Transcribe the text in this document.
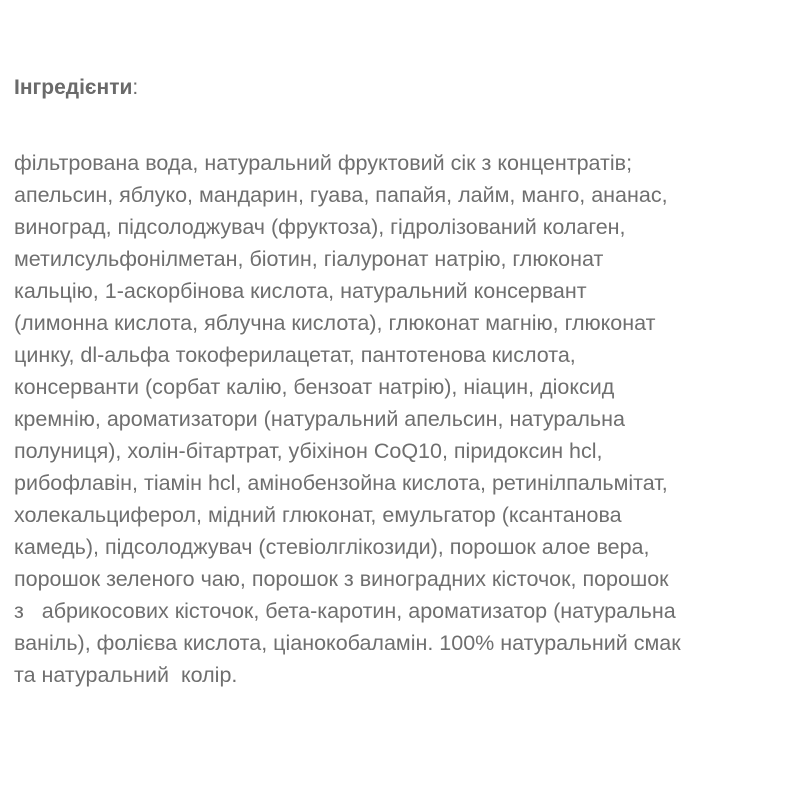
Інгредієнти:
фільтрована вода, натуральний фруктовий сік з концентратів;
апельсин, яблуко, мандарин, гуава, папайя, лайм, манго, ананас,
виноград, підсолоджувач (фруктоза), гідролізований колаген,
метилсульфонілметан, біотин, гіалуронат натрію, глюконат
кальцію, 1-аскорбінова кислота, натуральний консервант
(лимонна кислота, яблучна кислота), глюконат магнію, глюконат
цинку, dl-альфа токоферилацетат, пантотенова кислота,
консерванти (сорбат калію, бензоат натрію), ніацин, діоксид
кремнію, ароматизатори (натуральний апельсин, натуральна
полуниця), холін-бітартрат, убіхінон CoQ10, піридоксин hcl,
рибофлавін, тіамін hcl, амінобензойна кислота, ретинілпальмітат,
холекальциферол, мідний глюконат, емульгатор (ксантанова
камедь), підсолоджувач (стевіолглікозиди), порошок алое вера,
порошок зеленого чаю, порошок з виноградних кісточок, порошок
з   абрикосових кісточок, бета-каротин, ароматизатор (натуральна
ваніль), фолієва кислота, ціанокобаламін. 100% натуральний смак
та натуральний  колір.
